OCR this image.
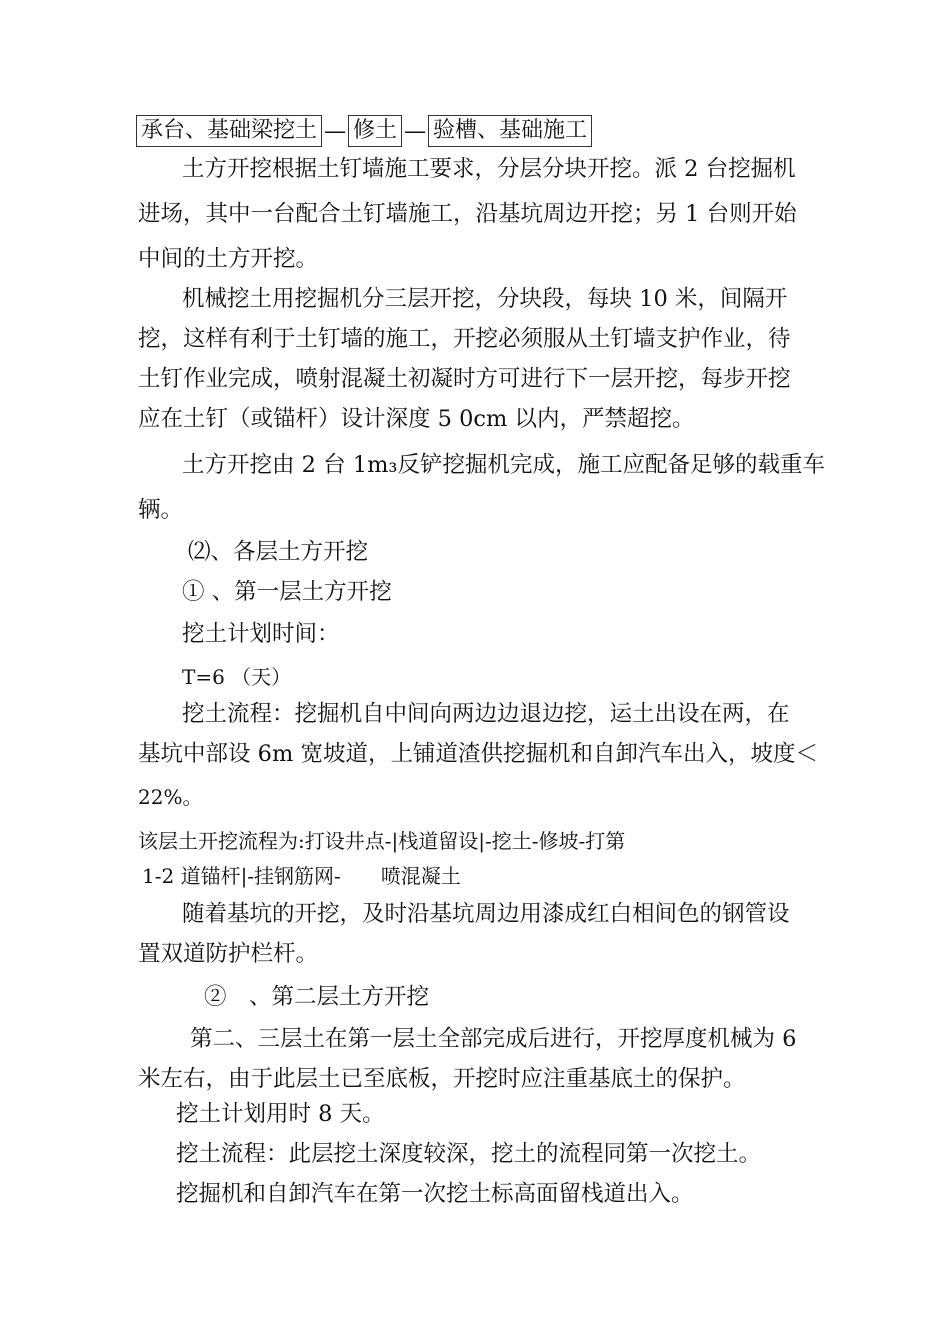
承台、基础梁挖土 — 修土 — 验槽、基础施工
土方开挖根据土钉墙施工要求，分层分块开挖。派 2 台挖掘机
进场，其中一台配合土钉墙施工，沿基坑周边开挖；另 1 台则开始
中间的土方开挖。
机械挖土用挖掘机分三层开挖，分块段，每块 10 米，间隔开
挖，这样有利于土钉墙的施工，开挖必须服从土钉墙支护作业，待
土钉作业完成，喷射混凝土初凝时方可进行下一层开挖，每步开挖
应在土钉（或锚杆）设计深度 5 0cm 以内，严禁超挖。
土方开挖由 2 台 1m₃反铲挖掘机完成，施工应配备足够的载重车
辆。
⑵、各层土方开挖
① 、第一层土方开挖
挖土计划时间：
T=6 （天）
挖土流程：挖掘机自中间向两边边退边挖，运土出设在两，在
基坑中部设 6m 宽坡道，上铺道渣供挖掘机和自卸汽车出入，坡度＜
22%。
该层土开挖流程为:打设井点-|栈道留设|-挖土-修坡-打第
1-2 道锚杆|-挂钢筋网-　　喷混凝土
随着基坑的开挖，及时沿基坑周边用漆成红白相间色的钢管设
置双道防护栏杆。
②　、第二层土方开挖
第二、三层土在第一层土全部完成后进行，开挖厚度机械为 6
米左右，由于此层土已至底板，开挖时应注重基底土的保护。
挖土计划用时 8 天。
挖土流程：此层挖土深度较深，挖土的流程同第一次挖土。
挖掘机和自卸汽车在第一次挖土标高面留栈道出入。
